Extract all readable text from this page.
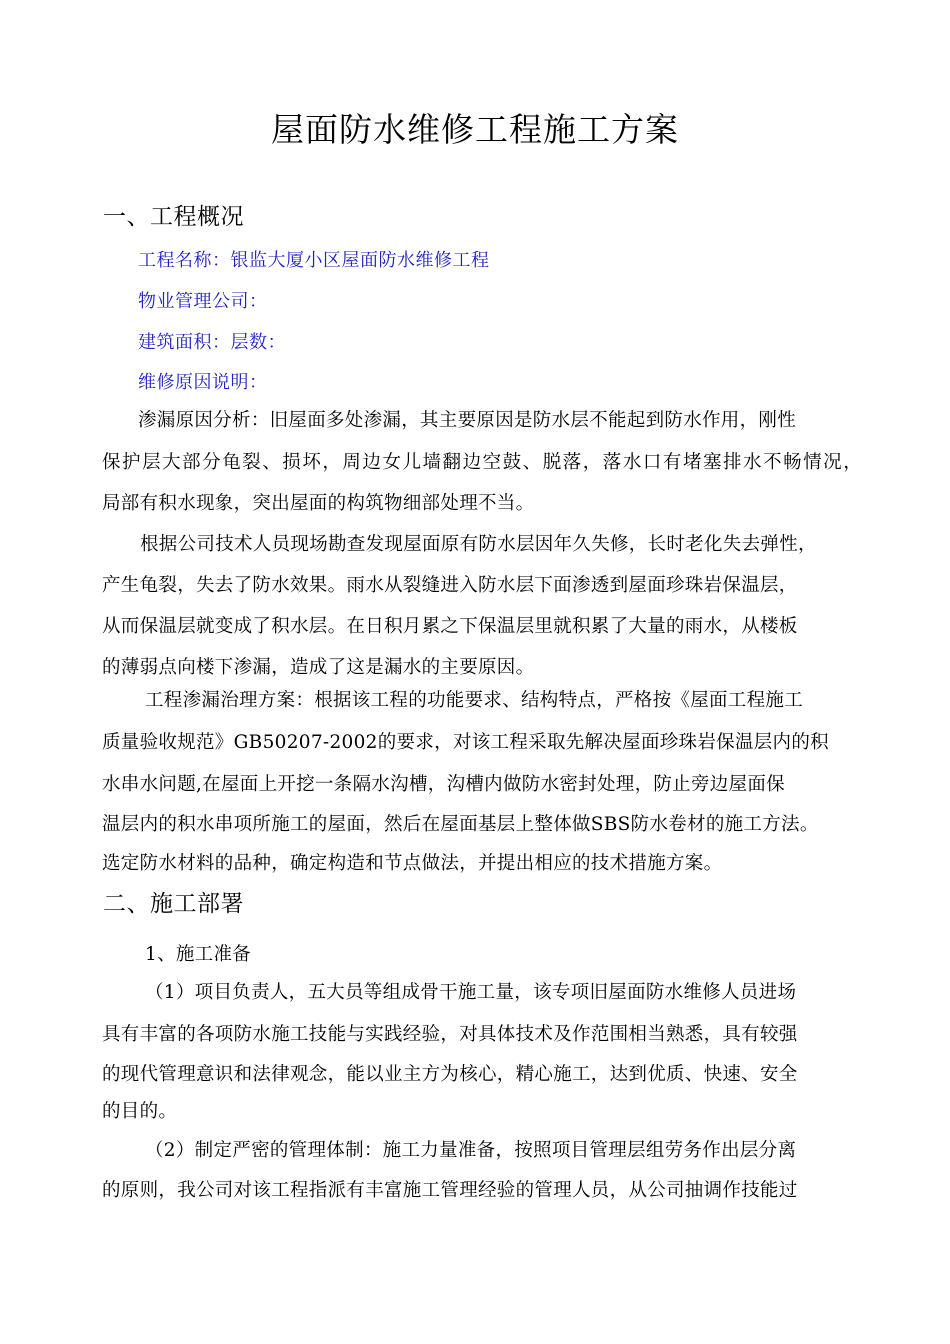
屋面防水维修工程施工方案
一、工程概况
工程名称：银监大厦小区屋面防水维修工程
物业管理公司：
建筑面积：层数：
维修原因说明：
渗漏原因分析：旧屋面多处渗漏，其主要原因是防水层不能起到防水作用，刚性
保护层大部分龟裂、损坏，周边女儿墙翻边空鼓、脱落，落水口有堵塞排水不畅情况，
局部有积水现象，突出屋面的构筑物细部处理不当。
根据公司技术人员现场勘查发现屋面原有防水层因年久失修，长时老化失去弹性，
产生龟裂，失去了防水效果。雨水从裂缝进入防水层下面渗透到屋面珍珠岩保温层，
从而保温层就变成了积水层。在日积月累之下保温层里就积累了大量的雨水，从楼板
的薄弱点向楼下渗漏，造成了这是漏水的主要原因。
工程渗漏治理方案：根据该工程的功能要求、结构特点，严格按《屋面工程施工
质量验收规范》GB50207-2002的要求，对该工程采取先解决屋面珍珠岩保温层内的积
水串水问题,在屋面上开挖一条隔水沟槽，沟槽内做防水密封处理，防止旁边屋面保
温层内的积水串项所施工的屋面，然后在屋面基层上整体做SBS防水卷材的施工方法。
选定防水材料的品种，确定构造和节点做法，并提出相应的技术措施方案。
二、施工部署
1、施工准备
（1）项目负责人，五大员等组成骨干施工量，该专项旧屋面防水维修人员进场
具有丰富的各项防水施工技能与实践经验，对具体技术及作范围相当熟悉，具有较强
的现代管理意识和法律观念，能以业主方为核心，精心施工，达到优质、快速、安全
的目的。
（2）制定严密的管理体制：施工力量准备，按照项目管理层组劳务作出层分离
的原则，我公司对该工程指派有丰富施工管理经验的管理人员，从公司抽调作技能过
